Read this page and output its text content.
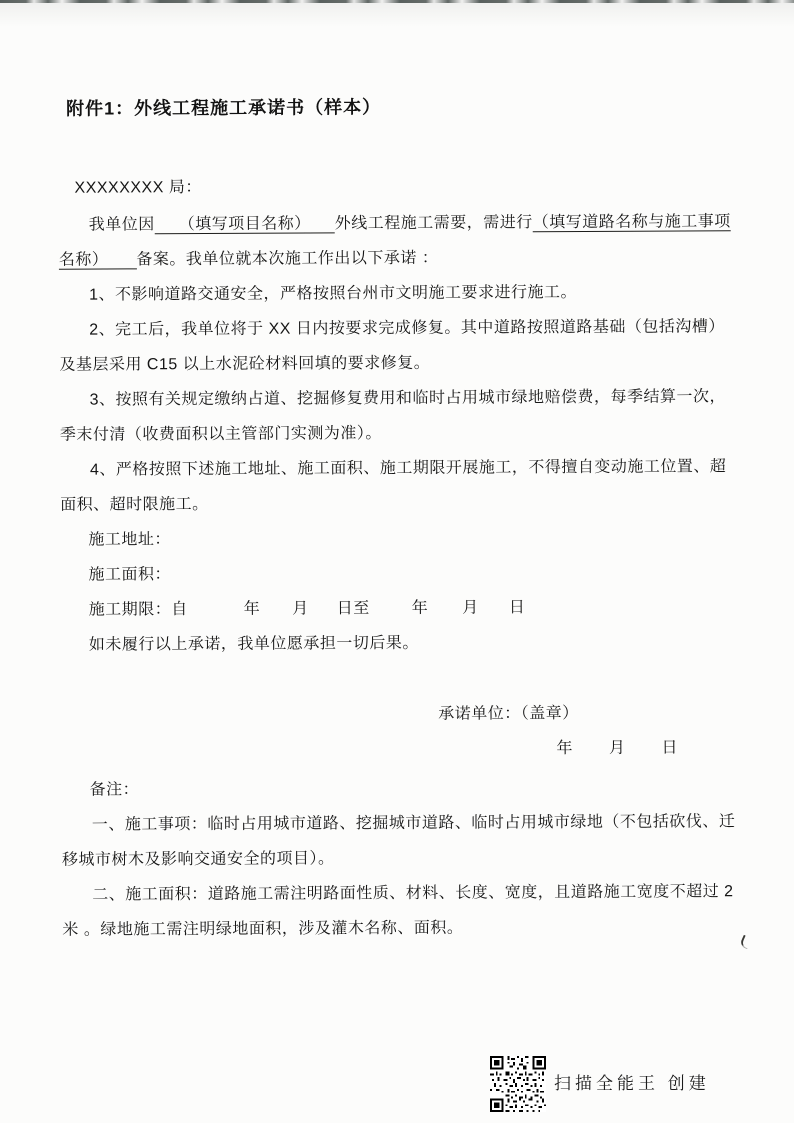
附件1：外线工程施工承诺书（样本）

XXXXXXXX 局：

我单位因 （填写项目名称） 外线工程施工需要，需进行（填写道路名称与施工事项名称） 备案。我单位就本次施工作出以下承诺 ：

1、不影响道路交通安全，严格按照台州市文明施工要求进行施工。

2、完工后，我单位将于 XX 日内按要求完成修复。其中道路按照道路基础（包括沟槽）及基层采用 C15 以上水泥砼材料回填的要求修复。

3、按照有关规定缴纳占道、挖掘修复费用和临时占用城市绿地赔偿费，每季结算一次，季末付清（收费面积以主管部门实测为准）。

4、严格按照下述施工地址、施工面积、施工期限开展施工，不得擅自变动施工位置、超面积、超时限施工。

施工地址：

施工面积：

施工期限：自	年 月 日至	年 月 日

如未履行以上承诺，我单位愿承担一切后果。

承诺单位：（盖章）

年 月 日

备注：

一、施工事项：临时占用城市道路、挖掘城市道路、临时占用城市绿地（不包括砍伐、迁移城市树木及影响交通安全的项目）。

二、施工面积：道路施工需注明路面性质、材料、长度、宽度，且道路施工宽度不超过 2 米 。绿地施工需注明绿地面积，涉及灌木名称、面积。

扫描全能王 创建
